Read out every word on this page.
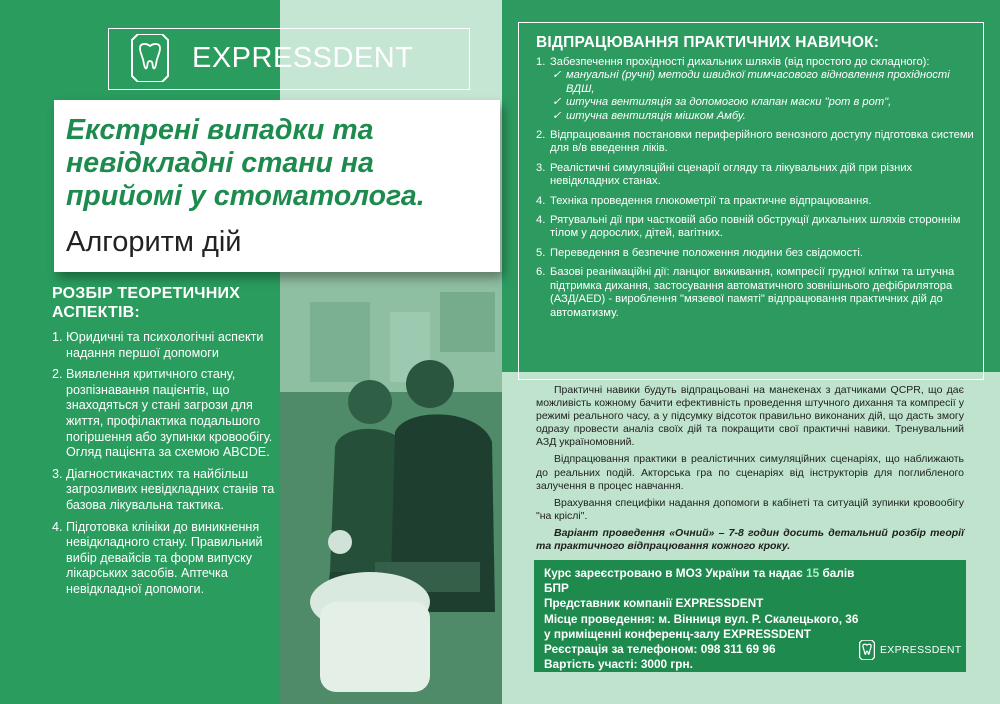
EXPRESSDENT
Екстрені випадки та невідкладні стани на прийомі у стоматолога.
Алгоритм дій
РОЗБІР ТЕОРЕТИЧНИХ АСПЕКТІВ:
1. Юридичні та психологічні аспекти надання першої допомоги
2. Виявлення критичного стану, розпізнавання пацієнтів, що знаходяться у стані загрози для життя, профілактика подальшого погіршення або зупинки кровообігу. Огляд пацієнта за схемою ABCDE.
3. Діагностикачастих та найбільш загрозливих невідкладних станів та базова лікувальна тактика.
4. Підготовка клініки до виникнення невідкладного стану. Правильний вибір девайсів та форм випуску лікарських засобів. Аптечка невідкладної допомоги.
ВІДПРАЦЮВАННЯ ПРАКТИЧНИХ НАВИЧОК:
1. Забезпечення прохідності дихальних шляхів (від простого до складного):
✓ мануальні (ручні) методи швидкої тимчасового відновлення прохідності ВДШ,
✓ штучна вентиляція за допомогою клапан маски "рот в рот",
✓ штучна вентиляція мішком Амбу.
2. Відпрацювання постановки периферійного венозного доступу підготовка системи для в/в введення ліків.
3. Реалістичні симуляційні сценарії огляду та лікувальних дій при різних невідкладних станах.
4. Техніка проведення глюкометрії та практичне відпрацювання.
4. Рятувальні дії при частковій або повній обструкції дихальних шляхів стороннім тілом у дорослих, дітей, вагітних.
5. Переведення в безпечне положення людини без свідомості.
6. Базові реанімаційні дії: ланцюг виживання, компресії грудної клітки та штучна підтримка дихання, застосування автоматичного зовнішнього дефібрилятора (АЗД/AED) - вироблення "мязевої памяті" відпрацювання практичних дій до автоматизму.

Практичні навики будуть відпрацьовані на манекенах з датчиками QCPR, що дає можливість кожному бачити ефективність проведення штучного дихання та компресії у режимі реального часу, а у підсумку відсоток правильно виконаних дій, що дасть змогу одразу провести аналіз своїх дій та покращити свої практичні навики. Тренувальний АЗД україномовний.

Відпрацювання практики в реалістичних симуляційних сценаріях, що наближають до реальних подій. Акторська гра по сценаріях від інструкторів для поглибленого залучення в процес навчання.

Врахування специфіки надання допомоги в кабінеті та ситуацій зупинки кровообігу "на кріслі".

Варіант проведення «Очний» – 7-8 годин досить детальний розбір теорії та практичного відпрацювання кожного кроку.

Курс зареєстровано в МОЗ України та надає 15 балів БПР
Представник компанії EXPRESSDENT
Місце проведення: м. Вінниця вул. Р. Скалецького, 36
у приміщенні конференц-залу EXPRESSDENT
Реєстрація за телефоном: 098 311 69 96
Вартість участі: 3000 грн.
EXPRESSDENT
